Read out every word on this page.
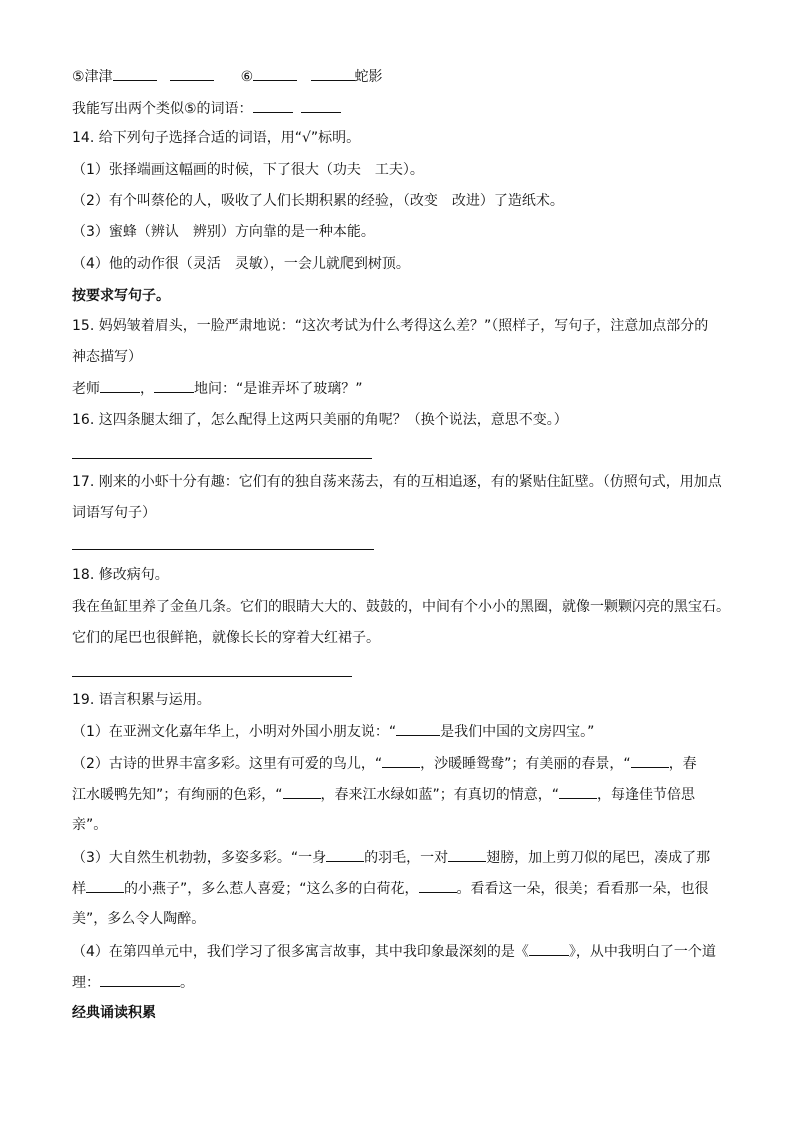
⑤津津	⑥	蛇影
我能写出两个类似⑤的词语：
14. 给下列句子选择合适的词语，用“√”标明。
（1）张择端画这幅画的时候，下了很大（功夫　工夫）。
（2）有个叫蔡伦的人，吸收了人们长期积累的经验，（改变　改进）了造纸术。
（3）蜜蜂（辨认　辨别）方向靠的是一种本能。
（4）他的动作很（灵活　灵敏），一会儿就爬到树顶。
按要求写句子。
15. 妈妈皱着眉头，一脸严肃地说：“这次考试为什么考得这么差？”（照样子，写句子，注意加点部分的
神态描写）
老师	，	地问：“是谁弄坏了玻璃？”
16. 这四条腿太细了，怎么配得上这两只美丽的角呢？（换个说法，意思不变。）
17. 刚来的小虾十分有趣：它们有的独自荡来荡去，有的互相追逐，有的紧贴住缸壁。（仿照句式，用加点
词语写句子）
18. 修改病句。
我在鱼缸里养了金鱼几条。它们的眼睛大大的、鼓鼓的，中间有个小小的黑圈，就像一颗颗闪亮的黑宝石。
它们的尾巴也很鲜艳，就像长长的穿着大红裙子。
19. 语言积累与运用。
（1）在亚洲文化嘉年华上，小明对外国小朋友说：“	是我们中国的文房四宝。”
（2）古诗的世界丰富多彩。这里有可爱的鸟儿，“	，沙暖睡鸳鸯”；有美丽的春景，“	，春
江水暖鸭先知”；有绚丽的色彩，“	，春来江水绿如蓝”；有真切的情意，“	，每逢佳节倍思
亲”。
（3）大自然生机勃勃，多姿多彩。“一身	的羽毛，一对	翅膀，加上剪刀似的尾巴，凑成了那
样	的小燕子”，多么惹人喜爱；“这么多的白荷花，	。看看这一朵，很美；看看那一朵，也很
美”，多么令人陶醉。
（4）在第四单元中，我们学习了很多寓言故事，其中我印象最深刻的是《	》，从中我明白了一个道
理：	。
经典诵读积累
